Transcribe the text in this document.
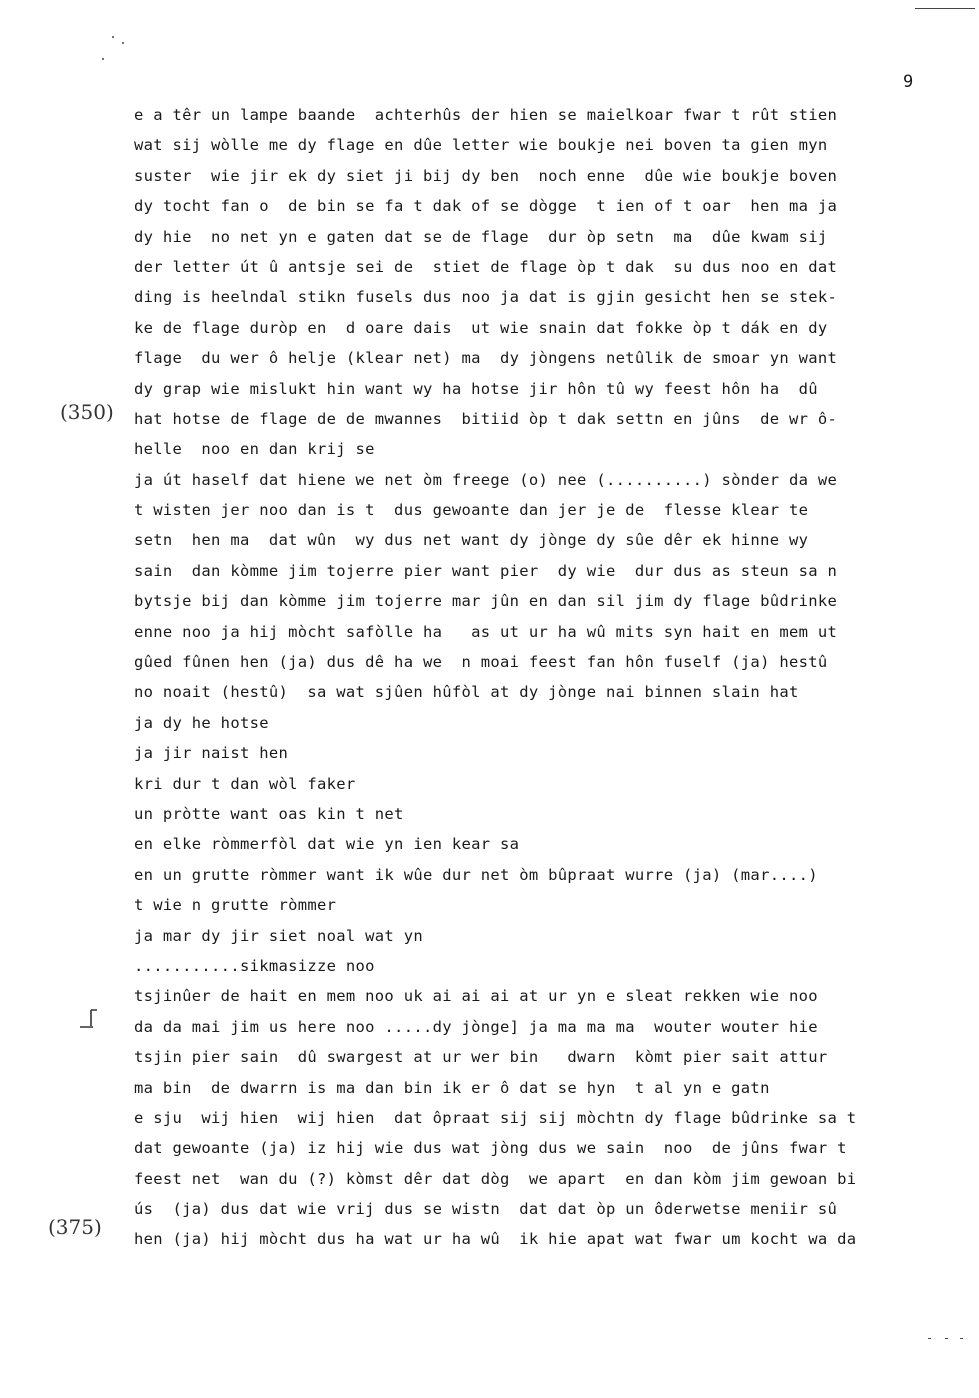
9
(350)
(375)
e a têr un lampe baande  achterhûs der hien se maielkoar fwar t rût stien
wat sij wòlle me dy flage en dûe letter wie boukje nei boven ta gien myn
suster  wie jir ek dy siet ji bij dy ben  noch enne  dûe wie boukje boven
dy tocht fan o  de bin se fa t dak of se dògge  t ien of t oar  hen ma ja
dy hie  no net yn e gaten dat se de flage  dur òp setn  ma  dûe kwam sij
der letter út û antsje sei de  stiet de flage òp t dak  su dus noo en dat
ding is heelndal stikn fusels dus noo ja dat is gjin gesicht hen se stek-
ke de flage duròp en  d oare dais  ut wie snain dat fokke òp t dák en dy
flage  du wer ô helje (klear net) ma  dy jòngens netûlik de smoar yn want
dy grap wie mislukt hin want wy ha hotse jir hôn tû wy feest hôn ha  dû
hat hotse de flage de de mwannes  bitiid òp t dak settn en jûns  de wr ô-
helle  noo en dan krij se
ja út haself dat hiene we net òm freege (o) nee (..........) sònder da we
t wisten jer noo dan is t  dus gewoante dan jer je de  flesse klear te
setn  hen ma  dat wûn  wy dus net want dy jònge dy sûe dêr ek hinne wy
sain  dan kòmme jim tojerre pier want pier  dy wie  dur dus as steun sa n
bytsje bij dan kòmme jim tojerre mar jûn en dan sil jim dy flage bûdrinke
enne noo ja hij mòcht safòlle ha   as ut ur ha wû mits syn hait en mem ut
gûed fûnen hen (ja) dus dê ha we  n moai feest fan hôn fuself (ja) hestû
no noait (hestû)  sa wat sjûen hûfòl at dy jònge nai binnen slain hat
ja dy he hotse
ja jir naist hen
kri dur t dan wòl faker
un pròtte want oas kin t net
en elke ròmmerfòl dat wie yn ien kear sa
en un grutte ròmmer want ik wûe dur net òm bûpraat wurre (ja) (mar....)
t wie n grutte ròmmer
ja mar dy jir siet noal wat yn
...........sikmasizze noo
tsjinûer de hait en mem noo uk ai ai ai at ur yn e sleat rekken wie noo
da da mai jim us here noo .....dy jònge] ja ma ma ma  wouter wouter hie
tsjin pier sain  dû swargest at ur wer bin   dwarn  kòmt pier sait attur
ma bin  de dwarrn is ma dan bin ik er ô dat se hyn  t al yn e gatn
e sju  wij hien  wij hien  dat ôpraat sij sij mòchtn dy flage bûdrinke sa t
dat gewoante (ja) iz hij wie dus wat jòng dus we sain  noo  de jûns fwar t
feest net  wan du (?) kòmst dêr dat dòg  we apart  en dan kòm jim gewoan bi
ús  (ja) dus dat wie vrij dus se wistn  dat dat òp un ôderwetse meniir sû
hen (ja) hij mòcht dus ha wat ur ha wû  ik hie apat wat fwar um kocht wa da
